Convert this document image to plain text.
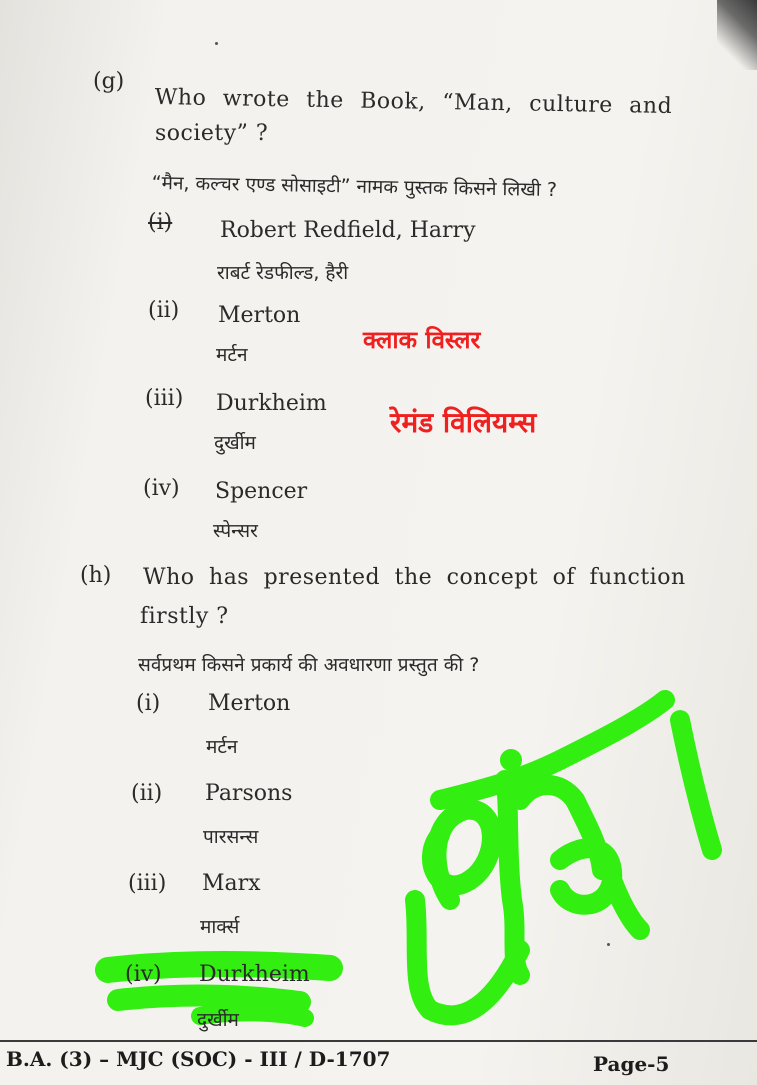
(g)
Who wrote the Book, “Man, culture and
society” ?
“मैन, कल्चर एण्ड सोसाइटी” नामक पुस्तक किसने लिखी ?
(i) Robert Redfield, Harry
राबर्ट रेडफील्ड, हैरी
(ii) Merton
मर्टन
(iii) Durkheim
दुर्खीम
(iv) Spencer
स्पेन्सर
क्लाक विस्लर
रेमंड विलियम्स
(h) Who has presented the concept of function
firstly ?
सर्वप्रथम किसने प्रकार्य की अवधारणा प्रस्तुत की ?
(i) Merton
मर्टन
(ii) Parsons
पारसन्स
(iii) Marx
मार्क्स
(iv) Durkheim
दुर्खीम
B.A. (3) – MJC (SOC) - III / D-1707	Page-5
